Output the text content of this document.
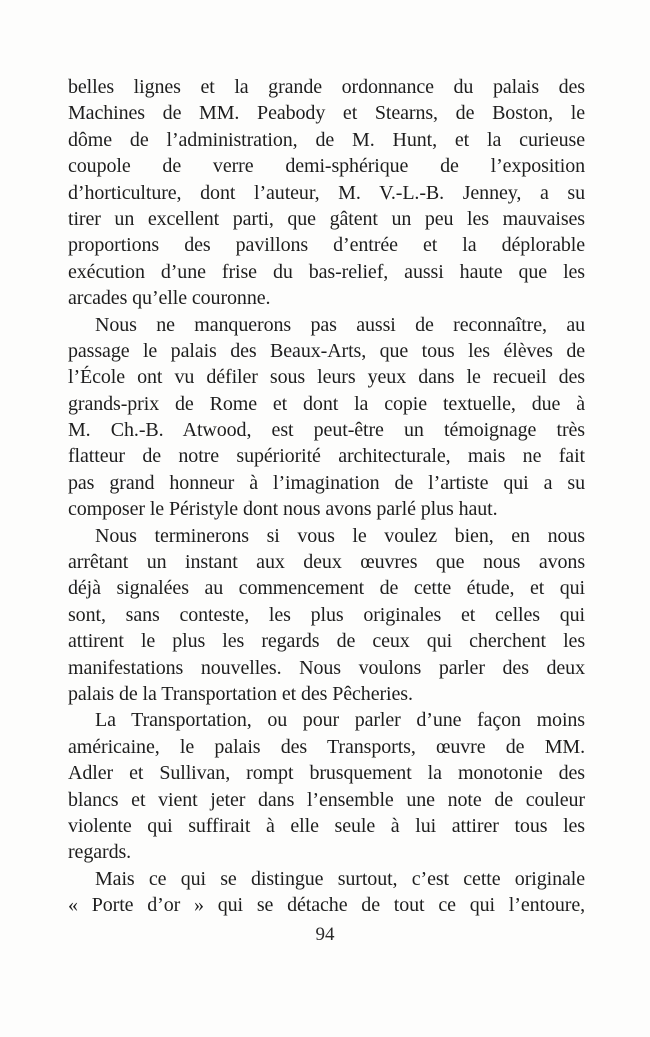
belles lignes et la grande ordonnance du palais des
Machines de MM. Peabody et Stearns, de Boston, le
dôme de l’administration, de M. Hunt, et la curieuse
coupole de verre demi-sphérique de l’exposition
d’horticulture, dont l’auteur, M. V.-L.-B. Jenney, a su
tirer un excellent parti, que gâtent un peu les mauvaises
proportions des pavillons d’entrée et la déplorable
exécution d’une frise du bas-relief, aussi haute que les
arcades qu’elle couronne.
Nous ne manquerons pas aussi de reconnaître, au
passage le palais des Beaux-Arts, que tous les élèves de
l’École ont vu défiler sous leurs yeux dans le recueil des
grands-prix de Rome et dont la copie textuelle, due à
M. Ch.-B. Atwood, est peut-être un témoignage très
flatteur de notre supériorité architecturale, mais ne fait
pas grand honneur à l’imagination de l’artiste qui a su
composer le Péristyle dont nous avons parlé plus haut.
Nous terminerons si vous le voulez bien, en nous
arrêtant un instant aux deux œuvres que nous avons
déjà signalées au commencement de cette étude, et qui
sont, sans conteste, les plus originales et celles qui
attirent le plus les regards de ceux qui cherchent les
manifestations nouvelles. Nous voulons parler des deux
palais de la Transportation et des Pêcheries.
La Transportation, ou pour parler d’une façon moins
américaine, le palais des Transports, œuvre de MM.
Adler et Sullivan, rompt brusquement la monotonie des
blancs et vient jeter dans l’ensemble une note de couleur
violente qui suffirait à elle seule à lui attirer tous les
regards.
Mais ce qui se distingue surtout, c’est cette originale
« Porte d’or » qui se détache de tout ce qui l’entoure,
94
